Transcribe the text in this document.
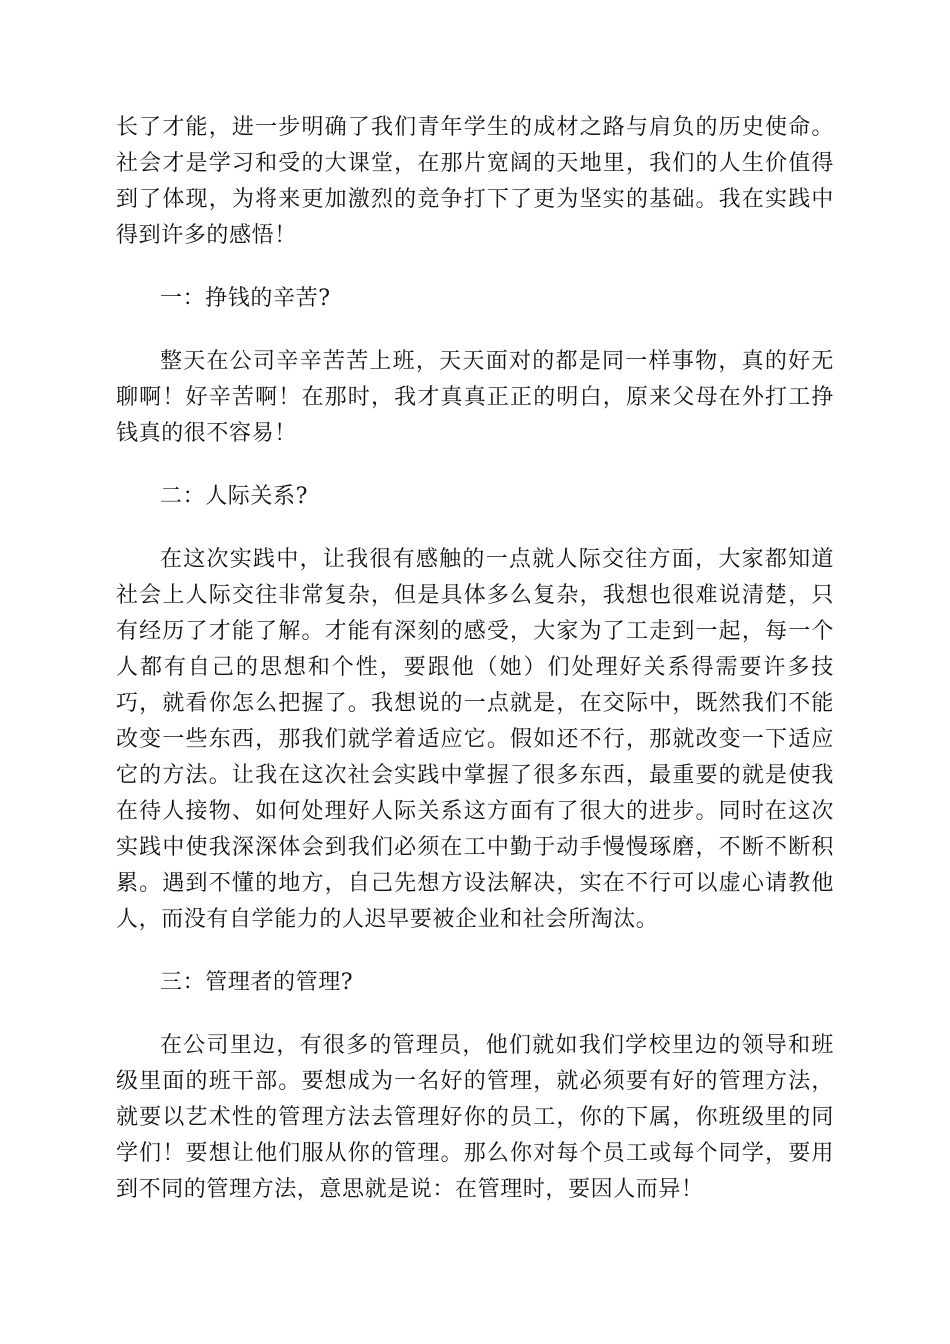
长了才能，进一步明确了我们青年学生的成材之路与肩负的历史使命。社会才是学习和受的大课堂，在那片宽阔的天地里，我们的人生价值得到了体现，为将来更加激烈的竞争打下了更为坚实的基础。我在实践中得到许多的感悟！

一：挣钱的辛苦?

整天在公司辛辛苦苦上班，天天面对的都是同一样事物，真的好无聊啊！好辛苦啊！在那时，我才真真正正的明白，原来父母在外打工挣钱真的很不容易！

二：人际关系?

在这次实践中，让我很有感触的一点就人际交往方面，大家都知道社会上人际交往非常复杂，但是具体多么复杂，我想也很难说清楚，只有经历了才能了解。才能有深刻的感受，大家为了工走到一起，每一个人都有自己的思想和个性，要跟他（她）们处理好关系得需要许多技巧，就看你怎么把握了。我想说的一点就是，在交际中，既然我们不能改变一些东西，那我们就学着适应它。假如还不行，那就改变一下适应它的方法。让我在这次社会实践中掌握了很多东西，最重要的就是使我在待人接物、如何处理好人际关系这方面有了很大的进步。同时在这次实践中使我深深体会到我们必须在工中勤于动手慢慢琢磨，不断不断积累。遇到不懂的地方，自己先想方设法解决，实在不行可以虚心请教他人，而没有自学能力的人迟早要被企业和社会所淘汰。

三：管理者的管理?

在公司里边，有很多的管理员，他们就如我们学校里边的领导和班级里面的班干部。要想成为一名好的管理，就必须要有好的管理方法，就要以艺术性的管理方法去管理好你的员工，你的下属，你班级里的同学们！要想让他们服从你的管理。那么你对每个员工或每个同学，要用到不同的管理方法，意思就是说：在管理时，要因人而异！
